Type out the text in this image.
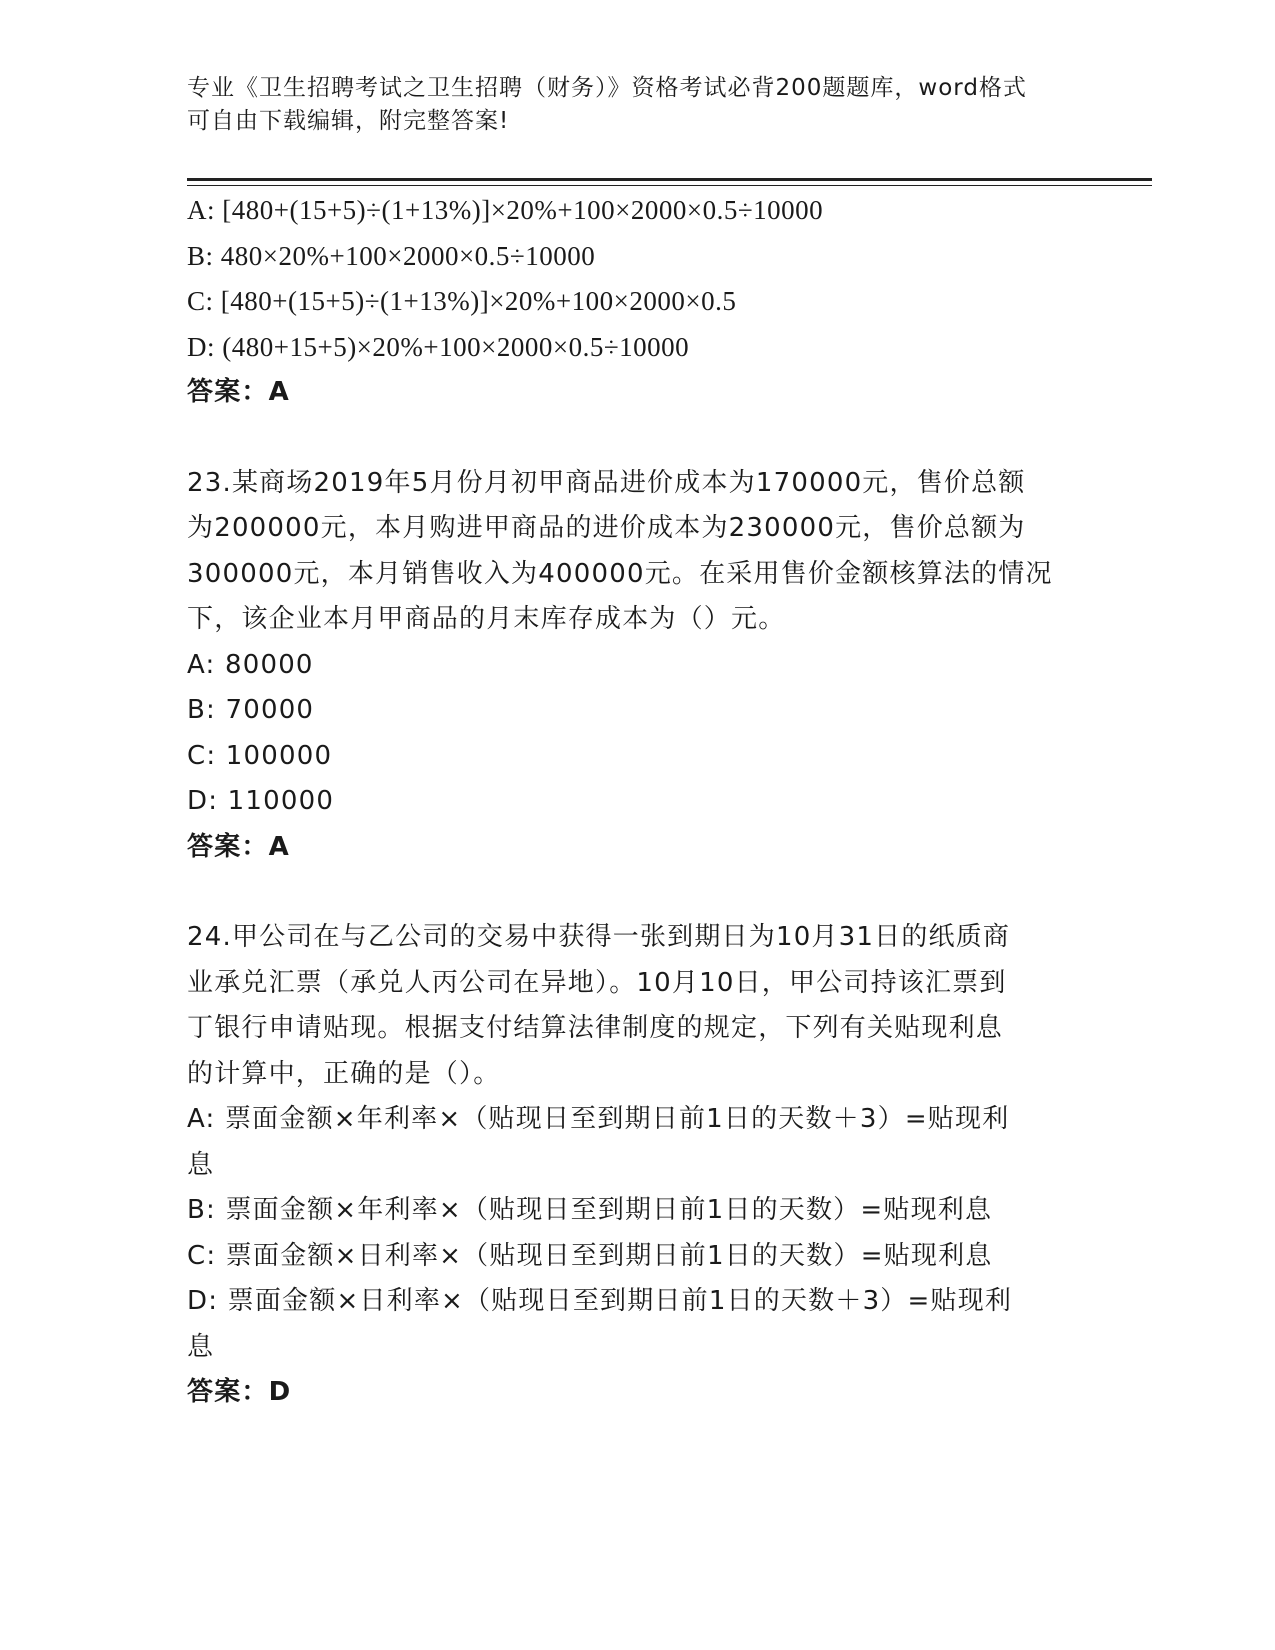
专业《卫生招聘考试之卫生招聘（财务）》资格考试必背200题题库，word格式
可自由下载编辑，附完整答案!
A: [480+(15+5)÷(1+13%)]×20%+100×2000×0.5÷10000
B: 480×20%+100×2000×0.5÷10000
C: [480+(15+5)÷(1+13%)]×20%+100×2000×0.5
D: (480+15+5)×20%+100×2000×0.5÷10000
答案：A
23.某商场2019年5月份月初甲商品进价成本为170000元，售价总额
为200000元，本月购进甲商品的进价成本为230000元，售价总额为
300000元，本月销售收入为400000元。在采用售价金额核算法的情况
下，该企业本月甲商品的月末库存成本为（）元。
A: 80000
B: 70000
C: 100000
D: 110000
答案：A
24.甲公司在与乙公司的交易中获得一张到期日为10月31日的纸质商
业承兑汇票（承兑人丙公司在异地）。10月10日，甲公司持该汇票到
丁银行申请贴现。根据支付结算法律制度的规定，下列有关贴现利息
的计算中，正确的是（）。
A: 票面金额×年利率×（贴现日至到期日前1日的天数＋3）=贴现利
息
B: 票面金额×年利率×（贴现日至到期日前1日的天数）=贴现利息
C: 票面金额×日利率×（贴现日至到期日前1日的天数）=贴现利息
D: 票面金额×日利率×（贴现日至到期日前1日的天数＋3）=贴现利
息
答案：D
